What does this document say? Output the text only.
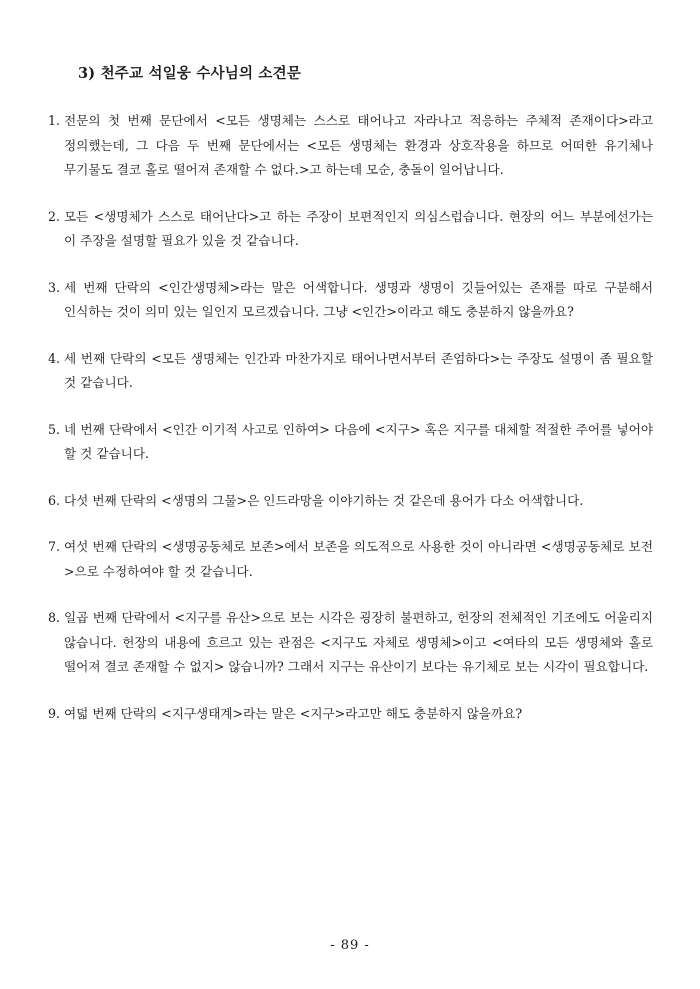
3) 천주교 석일웅 수사님의 소견문
1. 전문의 첫 번째 문단에서 <모든 생명체는 스스로 태어나고 자라나고 적응하는 주체적 존재이다>라고 정의했는데, 그 다음 두 번째 문단에서는 <모든 생명체는 환경과 상호작용을 하므로 어떠한 유기체나 무기물도 결코 홀로 떨어져 존재할 수 없다.>고 하는데 모순, 충돌이 일어납니다.
2. 모든 <생명체가 스스로 태어난다>고 하는 주장이 보편적인지 의심스럽습니다. 현장의 어느 부분에선가는 이 주장을 설명할 필요가 있을 것 같습니다.
3. 세 번째 단락의 <인간생명체>라는 말은 어색합니다. 생명과 생명이 깃들어있는 존재를 따로 구분해서 인식하는 것이 의미 있는 일인지 모르겠습니다. 그냥 <인간>이라고 해도 충분하지 않을까요?
4. 세 번째 단락의 <모든 생명체는 인간과 마찬가지로 태어나면서부터 존엄하다>는 주장도 설명이 좀 필요할 것 같습니다.
5. 네 번째 단락에서 <인간 이기적 사고로 인하여> 다음에 <지구> 혹은 지구를 대체할 적절한 주어를 넣어야 할 것 같습니다.
6. 다섯 번째 단락의 <생명의 그물>은 인드라망을 이야기하는 것 같은데 용어가 다소 어색합니다.
7. 여섯 번째 단락의 <생명공동체로 보존>에서 보존을 의도적으로 사용한 것이 아니라면 <생명공동체로 보전>으로 수정하여야 할 것 같습니다.
8. 일곱 번째 단락에서 <지구를 유산>으로 보는 시각은 굉장히 불편하고, 헌장의 전체적인 기조에도 어울리지 않습니다. 헌장의 내용에 흐르고 있는 관점은 <지구도 자체로 생명체>이고 <여타의 모든 생명체와 홀로 떨어져 결코 존재할 수 없지> 않습니까? 그래서 지구는 유산이기 보다는 유기체로 보는 시각이 필요합니다.
9. 여덟 번째 단락의 <지구생태계>라는 말은 <지구>라고만 해도 충분하지 않을까요?
- 89 -
